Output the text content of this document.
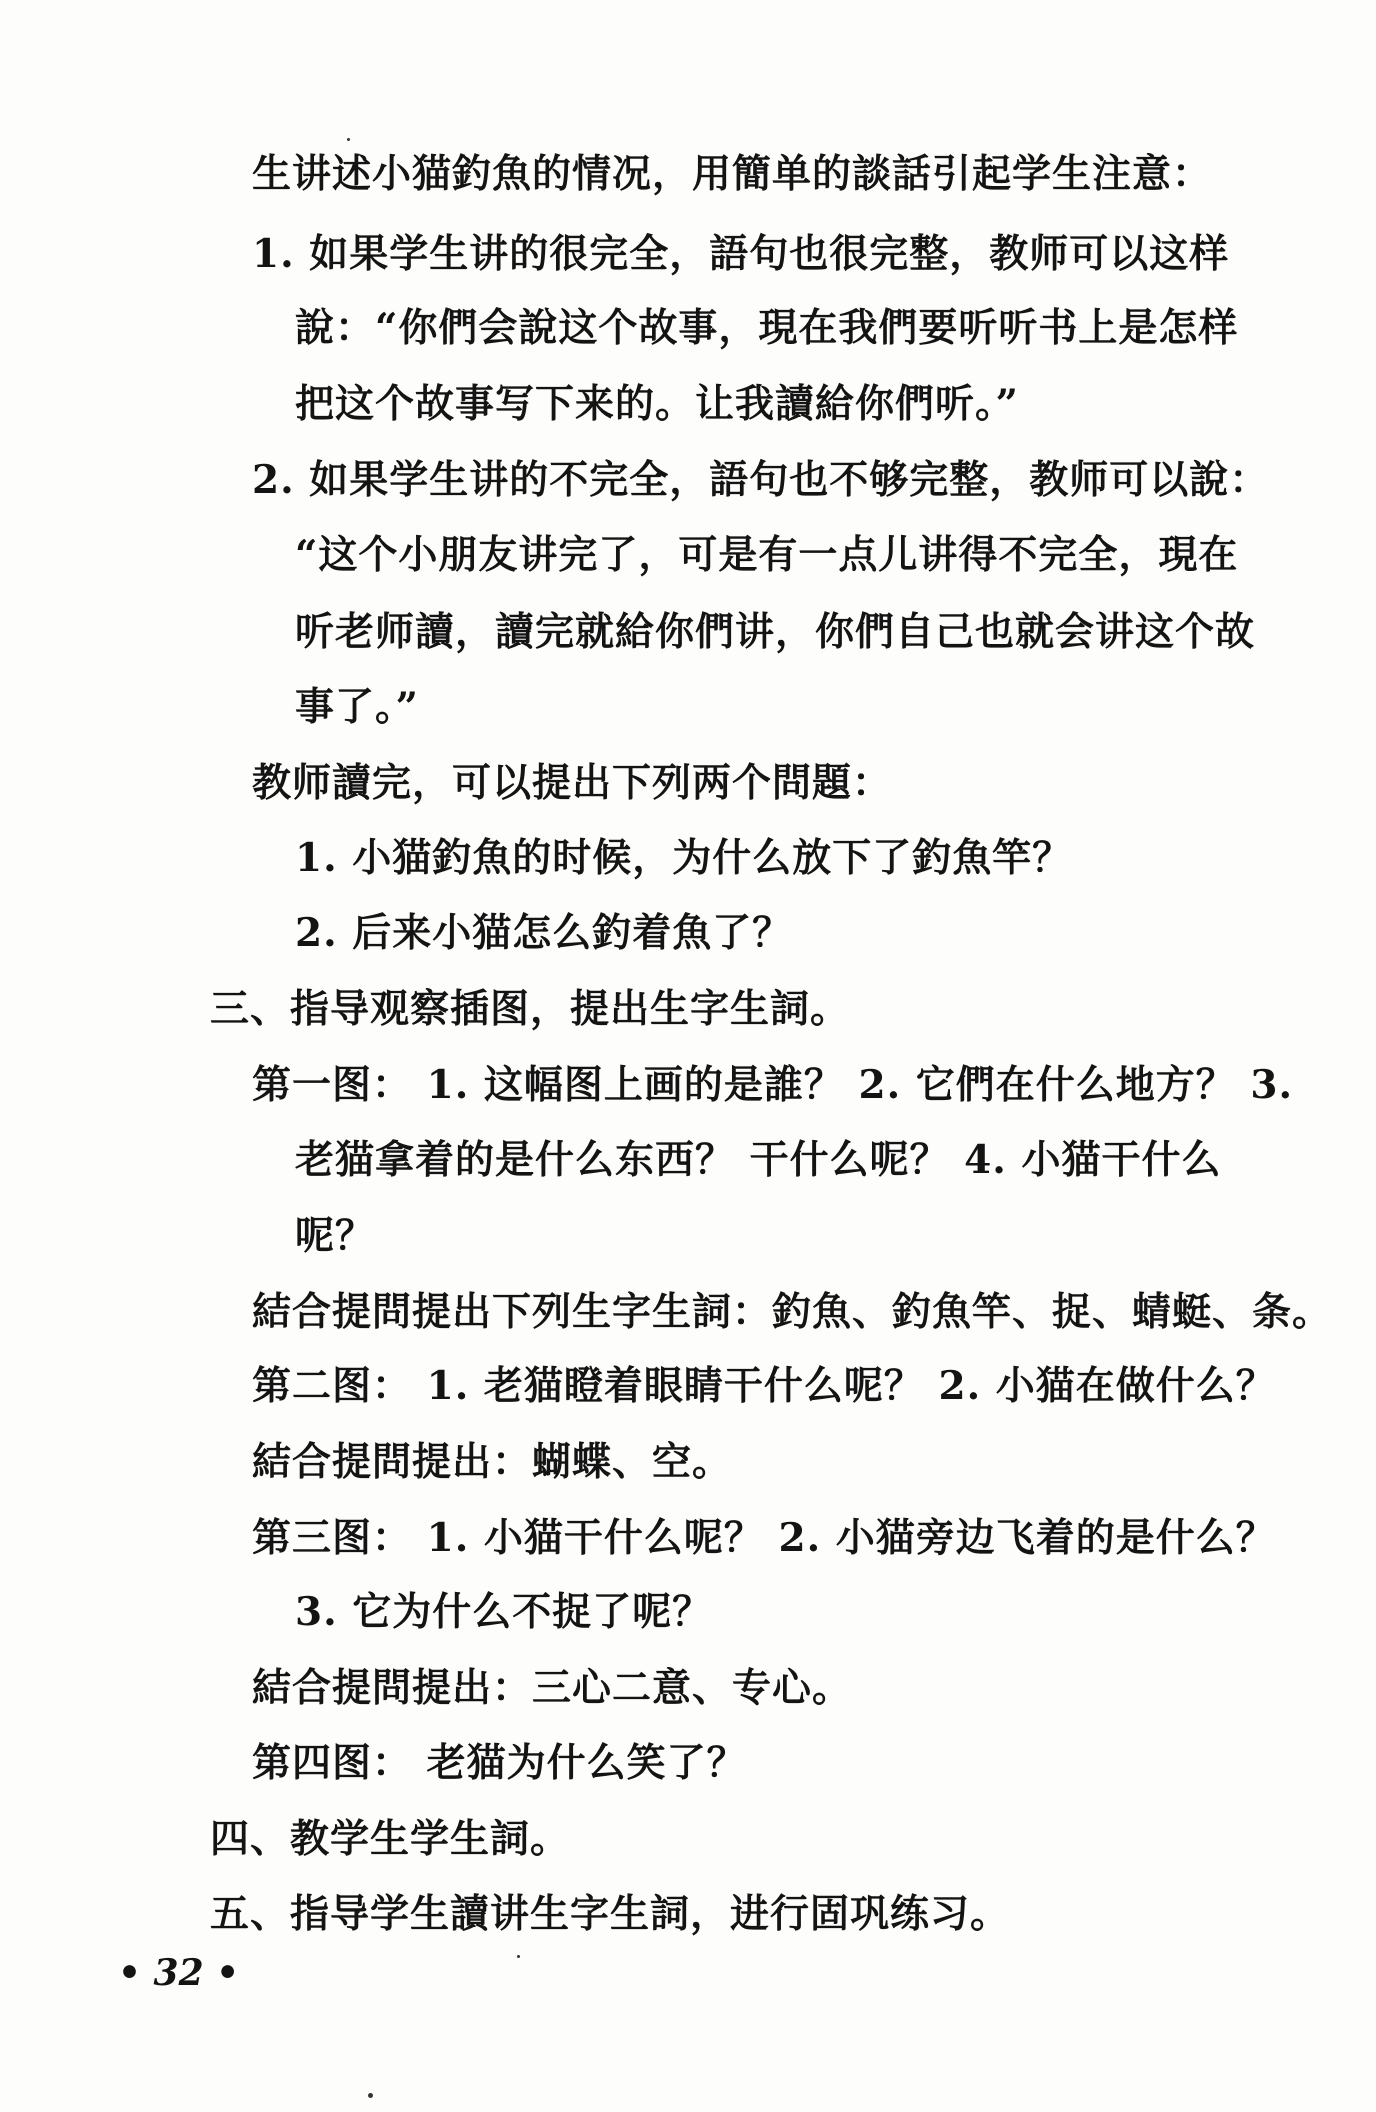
生讲述小猫釣魚的情况，用簡单的談話引起学生注意：
1. 如果学生讲的很完全，語句也很完整，教师可以这样
說：“你們会說这个故事，現在我們要听听书上是怎样
把这个故事写下来的。让我讀給你們听。”
2. 如果学生讲的不完全，語句也不够完整，教师可以說：
“这个小朋友讲完了，可是有一点儿讲得不完全，現在
听老师讀，讀完就給你們讲，你們自己也就会讲这个故
事了。”
教师讀完，可以提出下列两个問題：
1. 小猫釣魚的时候，为什么放下了釣魚竿？
2. 后来小猫怎么釣着魚了？
三、指导观察插图，提出生字生詞。
第一图： 1. 这幅图上画的是誰？ 2. 它們在什么地方？ 3.
老猫拿着的是什么东西？ 干什么呢？ 4. 小猫干什么
呢？
結合提問提出下列生字生詞：釣魚、釣魚竿、捉、蜻蜓、条。
第二图： 1. 老猫瞪着眼睛干什么呢？ 2. 小猫在做什么？
結合提問提出：蝴蝶、空。
第三图： 1. 小猫干什么呢？ 2. 小猫旁边飞着的是什么？
3. 它为什么不捉了呢？
結合提問提出：三心二意、专心。
第四图： 老猫为什么笑了？
四、教学生学生詞。
五、指导学生讀讲生字生詞，进行固巩练习。
• 32 •
